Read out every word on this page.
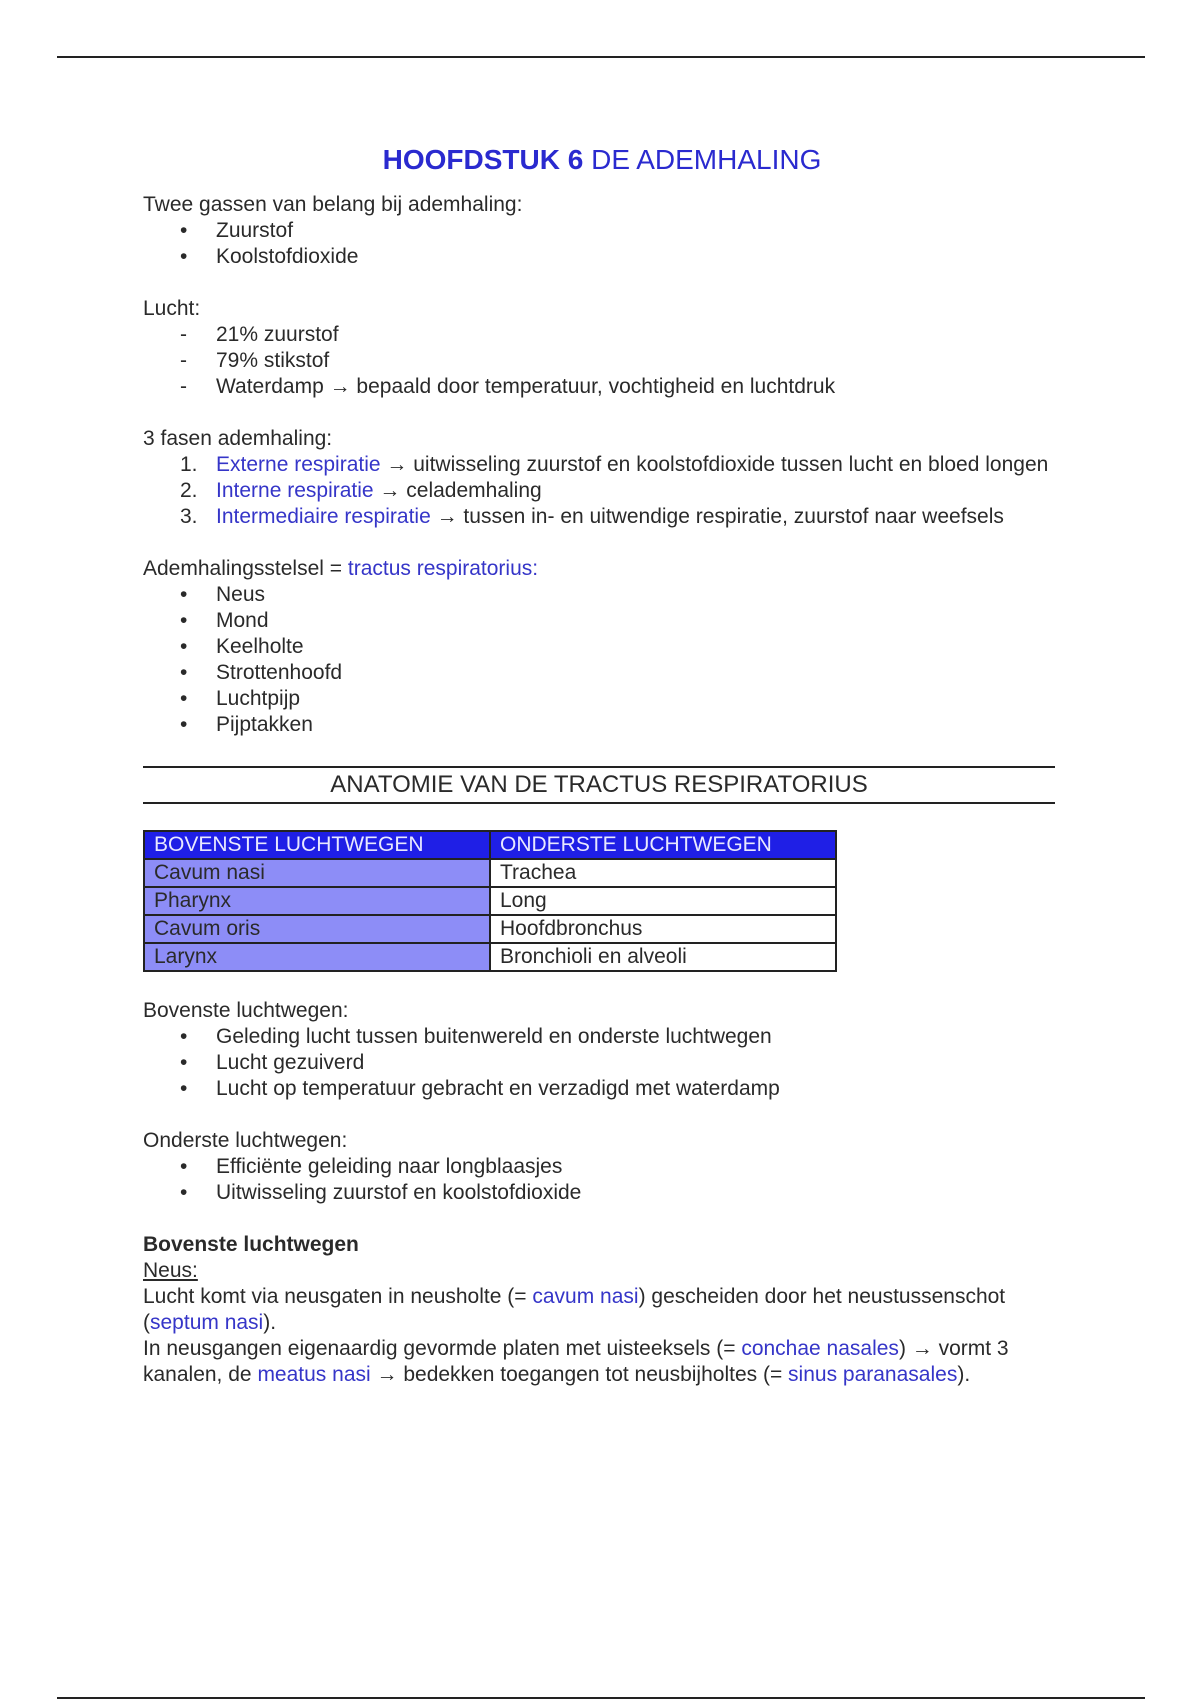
HOOFDSTUK 6 DE ADEMHALING

Twee gassen van belang bij ademhaling:

• Zuurstof
• Koolstofdioxide

Lucht:

- 21% zuurstof
- 79% stikstof
- Waterdamp → bepaald door temperatuur, vochtigheid en luchtdruk

3 fasen ademhaling:

1. Externe respiratie → uitwisseling zuurstof en koolstofdioxide tussen lucht en bloed longen
2. Interne respiratie → celademhaling
3. Intermediaire respiratie → tussen in- en uitwendige respiratie, zuurstof naar weefsels

Ademhalingsstelsel = tractus respiratorius:

• Neus
• Mond
• Keelholte
• Strottenhoofd
• Luchtpijp
• Pijptakken
ANATOMIE VAN DE TRACTUS RESPIRATORIUS
BOVENSTE LUCHTWEGEN	ONDERSTE LUCHTWEGEN
Cavum nasi	Trachea
Pharynx	Long
Cavum oris	Hoofdbronchus
Larynx	Bronchioli en alveoli

Bovenste luchtwegen:

• Geleding lucht tussen buitenwereld en onderste luchtwegen
• Lucht gezuiverd
• Lucht op temperatuur gebracht en verzadigd met waterdamp

Onderste luchtwegen:

• Efficiënte geleiding naar longblaasjes
• Uitwisseling zuurstof en koolstofdioxide

Bovenste luchtwegen

Neus:

Lucht komt via neusgaten in neusholte (= cavum nasi) gescheiden door het neustussenschot (septum nasi).

In neusgangen eigenaardig gevormde platen met uisteeksels (= conchae nasales) → vormt 3 kanalen, de meatus nasi → bedekken toegangen tot neusbijholtes (= sinus paranasales).
